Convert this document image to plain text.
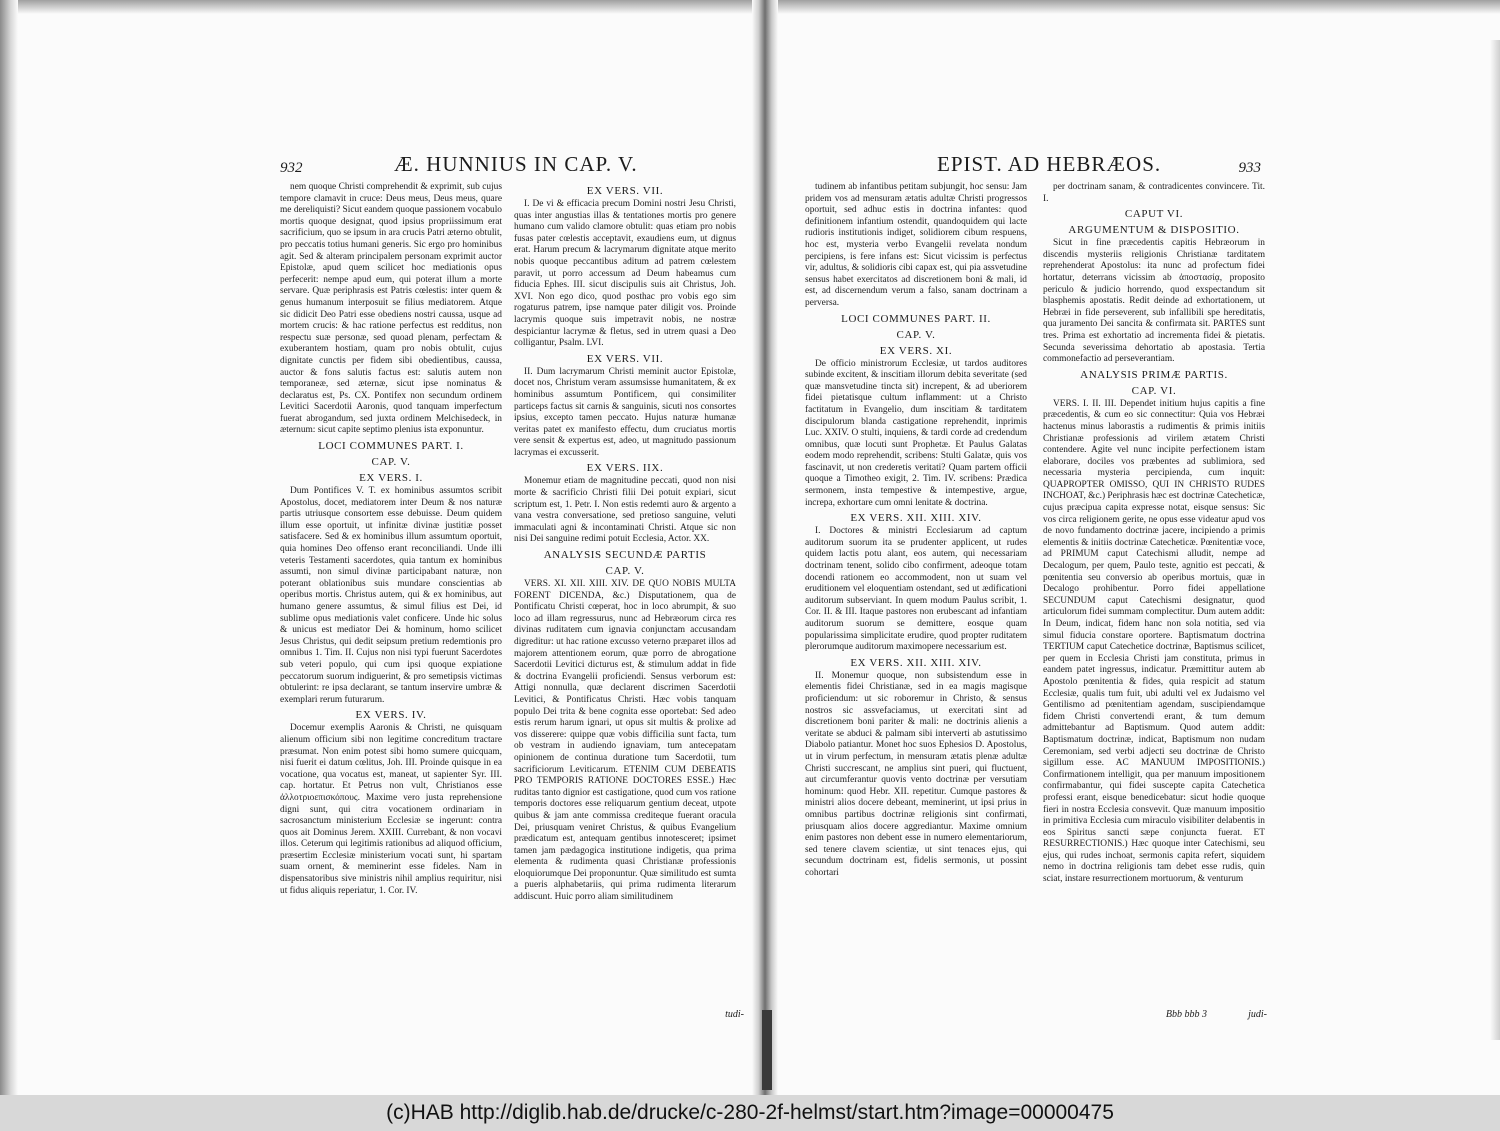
932	Æ. HUNNIUS IN CAP. V.

nem quoque Christi comprehendit & exprimit, sub cujus tempore clamavit in cruce: Deus meus, Deus meus, quare me dereliquisti? Sicut eandem quoque passionem vocabulo mortis quoque designat, quod ipsius propriissimum erat sacrificium, quo se ipsum in ara crucis Patri æterno obtulit, pro peccatis totius humani generis. Sic ergo pro hominibus agit. Sed & alteram principalem personam exprimit auctor Epistolæ, apud quem scilicet hoc mediationis opus perfecerit: nempe apud eum, qui poterat illum a morte servare. Quæ periphrasis est Patris cœlestis: inter quem & genus humanum interposuit se filius mediatorem. Atque sic didicit Deo Patri esse obediens nostri caussa, usque ad mortem crucis: & hac ratione perfectus est redditus, non respectu suæ personæ, sed quoad plenam, perfectam & exuberantem hostiam, quam pro nobis obtulit, cujus dignitate cunctis per fidem sibi obedientibus, caussa, auctor & fons salutis factus est: salutis autem non temporaneæ, sed æternæ, sicut ipse nominatus & declaratus est, Ps. CX. Pontifex non secundum ordinem Levitici Sacerdotii Aaronis, quod tanquam imperfectum fuerat abrogandum, sed juxta ordinem Melchisedeck, in æternum: sicut capite septimo plenius ista exponuntur.

LOCI COMMUNES PART. I.
CAP. V.
EX VERS. I.

Dum Pontifices V. T. ex hominibus assumtos scribit Apostolus, docet, mediatorem inter Deum & nos naturæ partis utriusque consortem esse debuisse. Deum quidem illum esse oportuit, ut infinitæ divinæ justitiæ posset satisfacere. Sed & ex hominibus illum assumtum oportuit, quia homines Deo offenso erant reconciliandi. Unde illi veteris Testamenti sacerdotes, quia tantum ex hominibus assumti, non simul divinæ participabant naturæ, non poterant oblationibus suis mundare conscientias ab operibus mortis. Christus autem, qui & ex hominibus, aut humano genere assumtus, & simul filius est Dei, id sublime opus mediationis valet conficere. Unde hic solus & unicus est mediator Dei & hominum, homo scilicet Jesus Christus, qui dedit seipsum pretium redemtionis pro omnibus 1. Tim. II. Cujus non nisi typi fuerunt Sacerdotes sub veteri populo, qui cum ipsi quoque expiatione peccatorum suorum indiguerint, & pro semetipsis victimas obtulerint: re ipsa declarant, se tantum inservire umbræ & exemplari rerum futurarum.

EX VERS. IV.

Docemur exemplis Aaronis & Christi, ne quisquam alienum officium sibi non legitime concreditum tractare præsumat. Non enim potest sibi homo sumere quicquam, nisi fuerit ei datum cœlitus, Joh. III. Proinde quisque in ea vocatione, qua vocatus est, maneat, ut sapienter Syr. III. cap. hortatur. Et Petrus non vult, Christianos esse ἀλλοτριοεπισκόπους. Maxime vero justa reprehensione digni sunt, qui citra vocationem ordinariam in sacrosanctum ministerium Ecclesiæ se ingerunt: contra quos ait Dominus Jerem. XXIII. Currebant, & non vocavi illos. Ceterum qui legitimis rationibus ad aliquod officium, præsertim Ecclesiæ ministerium vocati sunt, hi spartam suam ornent, & meminerint esse fideles. Nam in dispensatoribus sive ministris nihil amplius requiritur, nisi ut fidus aliquis reperiatur, 1. Cor. IV.

EX VERS. VII.

I. De vi & efficacia precum Domini nostri Jesu Christi, quas inter angustias illas & tentationes mortis pro genere humano cum valido clamore obtulit: quas etiam pro nobis fusas pater cœlestis acceptavit, exaudiens eum, ut dignus erat. Harum precum & lacrymarum dignitate atque merito nobis quoque peccantibus aditum ad patrem cœlestem paravit, ut porro accessum ad Deum habeamus cum fiducia Ephes. III. sicut discipulis suis ait Christus, Joh. XVI. Non ego dico, quod posthac pro vobis ego sim rogaturus patrem, ipse namque pater diligit vos. Proinde lacrymis quoque suis impetravit nobis, ne nostræ despiciantur lacrymæ & fletus, sed in utrem quasi a Deo colligantur, Psalm. LVI.

EX VERS. VII.

II. Dum lacrymarum Christi meminit auctor Epistolæ, docet nos, Christum veram assumsisse humanitatem, & ex hominibus assumtum Pontificem, qui consimiliter particeps factus sit carnis & sanguinis, sicuti nos consortes ipsius, excepto tamen peccato. Hujus naturæ humanæ veritas patet ex manifesto effectu, dum cruciatus mortis vere sensit & expertus est, adeo, ut magnitudo passionum lacrymas ei excusserit.

EX VERS. IIX.

Monemur etiam de magnitudine peccati, quod non nisi morte & sacrificio Christi filii Dei potuit expiari, sicut scriptum est, 1. Petr. I. Non estis redemti auro & argento a vana vestra conversatione, sed pretioso sanguine, veluti immaculati agni & incontaminati Christi. Atque sic non nisi Dei sanguine redimi potuit Ecclesia, Actor. XX.

ANALYSIS SECUNDÆ PARTIS
CAP. V.

VERS. XI. XII. XIII. XIV. DE QUO NOBIS MULTA FORENT DICENDA, &c.) Disputationem, qua de Pontificatu Christi cœperat, hoc in loco abrumpit, & suo loco ad illam regressurus, nunc ad Hebræorum circa res divinas ruditatem cum ignavia conjunctam accusandam digreditur: ut hac ratione excusso veterno præparet illos ad majorem attentionem eorum, quæ porro de abrogatione Sacerdotii Levitici dicturus est, & stimulum addat in fide & doctrina Evangelii proficiendi. Sensus verborum est: Attigi nonnulla, quæ declarent discrimen Sacerdotii Levitici, & Pontificatus Christi. Hæc vobis tanquam populo Dei trita & bene cognita esse oportebat: Sed adeo estis rerum harum ignari, ut opus sit multis & prolixe ad vos disserere: quippe quæ vobis difficilia sunt facta, tum ob vestram in audiendo ignaviam, tum antecepatam opinionem de continua duratione tum Sacerdotii, tum sacrificiorum Leviticarum. ETENIM CUM DEBEATIS PRO TEMPORIS RATIONE DOCTORES ESSE.) Hæc ruditas tanto dignior est castigatione, quod cum vos ratione temporis doctores esse reliquarum gentium deceat, utpote quibus & jam ante commissa crediteque fuerant oracula Dei, priusquam veniret Christus, & quibus Evangelium prædicatum est, antequam gentibus innotesceret; ipsimet tamen jam pædagogica institutione indigetis, qua prima elementa & rudimenta quasi Christianæ professionis eloquiorumque Dei proponuntur. Quæ similitudo est sumta a pueris alphabetariis, qui prima rudimenta literarum addiscunt. Huic porro aliam similitudinem

tudi-
EPIST. AD HEBRÆOS.	933

tudinem ab infantibus petitam subjungit, hoc sensu: Jam pridem vos ad mensuram ætatis adultæ Christi progressos oportuit, sed adhuc estis in doctrina infantes: quod definitionem infantium ostendit, quandoquidem qui lacte rudioris institutionis indiget, solidiorem cibum respuens, hoc est, mysteria verbo Evangelii revelata nondum percipiens, is fere infans est: Sicut vicissim is perfectus vir, adultus, & solidioris cibi capax est, qui pia assvetudine sensus habet exercitatos ad discretionem boni & mali, id est, ad discernendum verum a falso, sanam doctrinam a perversa.

LOCI COMMUNES PART. II.
CAP. V.
EX VERS. XI.

De officio ministrorum Ecclesiæ, ut tardos auditores subinde excitent, & inscitiam illorum debita severitate (sed quæ mansvetudine tincta sit) increpent, & ad uberiorem fidei pietatisque cultum inflamment: ut a Christo factitatum in Evangelio, dum inscitiam & tarditatem discipulorum blanda castigatione reprehendit, inprimis Luc. XXIV. O stulti, inquiens, & tardi corde ad credendum omnibus, quæ locuti sunt Prophetæ. Et Paulus Galatas eodem modo reprehendit, scribens: Stulti Galatæ, quis vos fascinavit, ut non crederetis veritati? Quam partem officii quoque a Timotheo exigit, 2. Tim. IV. scribens: Prædica sermonem, insta tempestive & intempestive, argue, increpa, exhortare cum omni lenitate & doctrina.

EX VERS. XII. XIII. XIV.

I. Doctores & ministri Ecclesiarum ad captum auditorum suorum ita se prudenter applicent, ut rudes quidem lactis potu alant, eos autem, qui necessariam doctrinam tenent, solido cibo confirment, adeoque totam docendi rationem eo accommodent, non ut suam vel eruditionem vel eloquentiam ostendant, sed ut ædificationi auditorum subserviant. In quem modum Paulus scribit, 1. Cor. II. & III. Itaque pastores non erubescant ad infantiam auditorum suorum se demittere, eosque quam popularissima simplicitate erudire, quod propter ruditatem plerorumque auditorum maximopere necessarium est.

EX VERS. XII. XIII. XIV.

II. Monemur quoque, non subsistendum esse in elementis fidei Christianæ, sed in ea magis magisque proficiendum: ut sic roboremur in Christo, & sensus nostros sic assvefaciamus, ut exercitati sint ad discretionem boni pariter & mali: ne doctrinis alienis a veritate se abduci & palmam sibi interverti ab astutissimo Diabolo patiantur. Monet hoc suos Ephesios D. Apostolus, ut in virum perfectum, in mensuram ætatis plenæ adultæ Christi succrescant, ne amplius sint pueri, qui fluctuent, aut circumferantur quovis vento doctrinæ per versutiam hominum: quod Hebr. XII. repetitur. Cumque pastores & ministri alios docere debeant, meminerint, ut ipsi prius in omnibus partibus doctrinæ religionis sint confirmati, priusquam alios docere aggrediantur. Maxime omnium enim pastores non debent esse in numero elementariorum, sed tenere clavem scientiæ, ut sint tenaces ejus, qui secundum doctrinam est, fidelis sermonis, ut possint cohortari

per doctrinam sanam, & contradicentes convincere. Tit. I.

CAPUT VI.
ARGUMENTUM & DISPOSITIO.

Sicut in fine præcedentis capitis Hebræorum in discendis mysteriis religionis Christianæ tarditatem reprehenderat Apostolus: ita nunc ad profectum fidei hortatur, deterrans vicissim ab ἀποστασίᾳ, proposito periculo & judicio horrendo, quod exspectandum sit blasphemis apostatis. Redit deinde ad exhortationem, ut Hebræi in fide perseverent, sub infallibili spe hereditatis, qua juramento Dei sancita & confirmata sit. PARTES sunt tres. Prima est exhortatio ad incrementa fidei & pietatis. Secunda severissima dehortatio ab apostasia. Tertia commonefactio ad perseverantiam.

ANALYSIS PRIMÆ PARTIS.
CAP. VI.

VERS. I. II. III. Dependet initium hujus capitis a fine præcedentis, & cum eo sic connectitur: Quia vos Hebræi hactenus minus laborastis a rudimentis & primis initiis Christianæ professionis ad virilem ætatem Christi contendere. Agite vel nunc incipite perfectionem istam elaborare, dociles vos præbentes ad sublimiora, sed necessaria mysteria percipienda, cum inquit: QUAPROPTER OMISSO, QUI IN CHRISTO RUDES INCHOAT, &c.) Periphrasis hæc est doctrinæ Catecheticæ, cujus præcipua capita expresse notat, eisque sensus: Sic vos circa religionem gerite, ne opus esse videatur apud vos de novo fundamento doctrinæ jacere, incipiendo a primis elementis & initiis doctrinæ Catecheticæ. Pœnitentiæ voce, ad PRIMUM caput Catechismi alludit, nempe ad Decalogum, per quem, Paulo teste, agnitio est peccati, & pœnitentia seu conversio ab operibus mortuis, quæ in Decalogo prohibentur. Porro fidei appellatione SECUNDUM caput Catechismi designatur, quod articulorum fidei summam complectitur. Dum autem addit: In Deum, indicat, fidem hanc non sola notitia, sed via simul fiducia constare oportere. Baptismatum doctrina TERTIUM caput Catechetice doctrinæ, Baptismus scilicet, per quem in Ecclesia Christi jam constituta, primus in eandem patet ingressus, indicatur. Præmittitur autem ab Apostolo pœnitentia & fides, quia respicit ad statum Ecclesiæ, qualis tum fuit, ubi adulti vel ex Judaismo vel Gentilismo ad pœnitentiam agendam, suscipiendamque fidem Christi convertendi erant, & tum demum admittebantur ad Baptismum. Quod autem addit: Baptismatum doctrinæ, indicat, Baptismum non nudam Ceremoniam, sed verbi adjecti seu doctrinæ de Christo sigillum esse. AC MANUUM IMPOSITIONIS.) Confirmationem intelligit, qua per manuum impositionem confirmabantur, qui fidei suscepte capita Catechetica professi erant, eisque benedicebatur: sicut hodie quoque fieri in nostra Ecclesia consvevit. Quæ manuum impositio in primitiva Ecclesia cum miraculo visibiliter delabentis in eos Spiritus sancti sæpe conjuncta fuerat. ET RESURRECTIONIS.) Hæc quoque inter Catechismi, seu ejus, qui rudes inchoat, sermonis capita refert, siquidem nemo in doctrina religionis tam debet esse rudis, quin sciat, instare resurrectionem mortuorum, & venturum

Bbb bbb 3	judi-
(c)HAB http://diglib.hab.de/drucke/c-280-2f-helmst/start.htm?image=00000475
